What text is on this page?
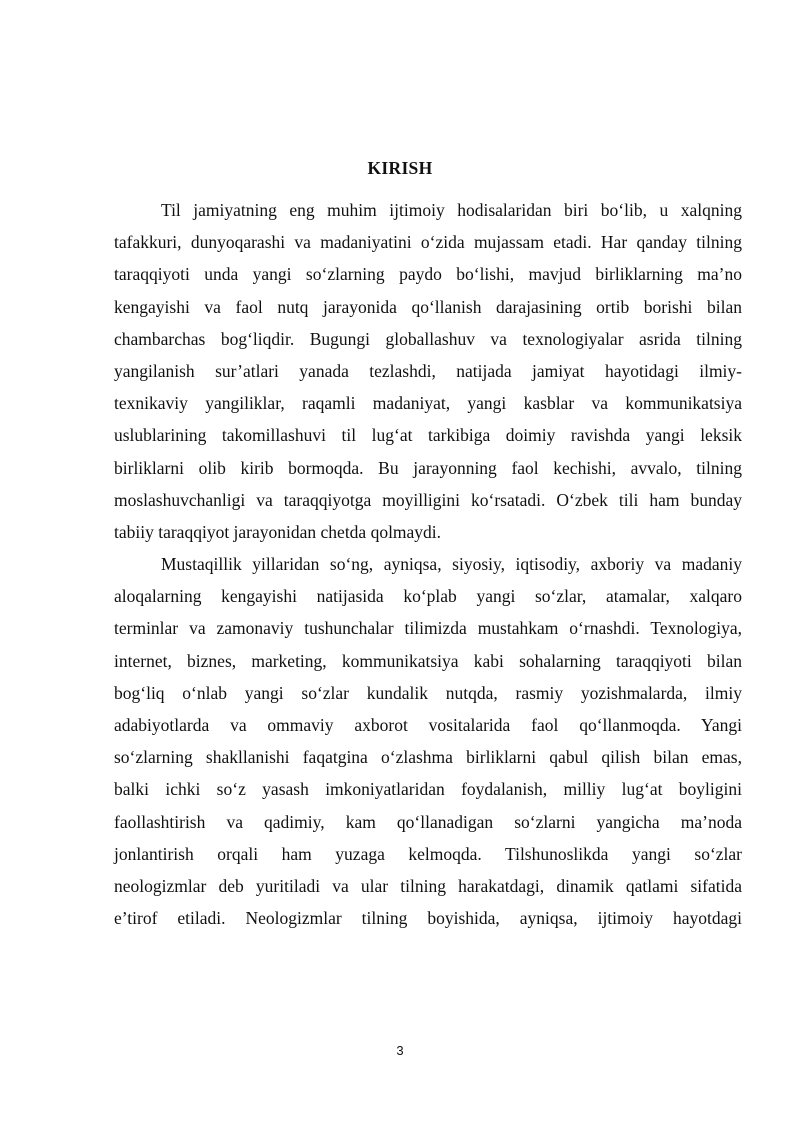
KIRISH
Til jamiyatning eng muhim ijtimoiy hodisalaridan biri bo‘lib, u xalqning
tafakkuri, dunyoqarashi va madaniyatini o‘zida mujassam etadi. Har qanday tilning
taraqqiyoti unda yangi so‘zlarning paydo bo‘lishi, mavjud birliklarning ma’no
kengayishi va faol nutq jarayonida qo‘llanish darajasining ortib borishi bilan
chambarchas bog‘liqdir. Bugungi globallashuv va texnologiyalar asrida tilning
yangilanish sur’atlari yanada tezlashdi, natijada jamiyat hayotidagi ilmiy-
texnikaviy yangiliklar, raqamli madaniyat, yangi kasblar va kommunikatsiya
uslublarining takomillashuvi til lug‘at tarkibiga doimiy ravishda yangi leksik
birliklarni olib kirib bormoqda. Bu jarayonning faol kechishi, avvalo, tilning
moslashuvchanligi va taraqqiyotga moyilligini ko‘rsatadi. O‘zbek tili ham bunday
tabiiy taraqqiyot jarayonidan chetda qolmaydi.
Mustaqillik yillaridan so‘ng, ayniqsa, siyosiy, iqtisodiy, axboriy va madaniy
aloqalarning kengayishi natijasida ko‘plab yangi so‘zlar, atamalar, xalqaro
terminlar va zamonaviy tushunchalar tilimizda mustahkam o‘rnashdi. Texnologiya,
internet, biznes, marketing, kommunikatsiya kabi sohalarning taraqqiyoti bilan
bog‘liq o‘nlab yangi so‘zlar kundalik nutqda, rasmiy yozishmalarda, ilmiy
adabiyotlarda va ommaviy axborot vositalarida faol qo‘llanmoqda. Yangi
so‘zlarning shakllanishi faqatgina o‘zlashma birliklarni qabul qilish bilan emas,
balki ichki so‘z yasash imkoniyatlaridan foydalanish, milliy lug‘at boyligini
faollashtirish va qadimiy, kam qo‘llanadigan so‘zlarni yangicha ma’noda
jonlantirish orqali ham yuzaga kelmoqda. Tilshunoslikda yangi so‘zlar
neologizmlar deb yuritiladi va ular tilning harakatdagi, dinamik qatlami sifatida
e’tirof etiladi. Neologizmlar tilning boyishida, ayniqsa, ijtimoiy hayotdagi
3
